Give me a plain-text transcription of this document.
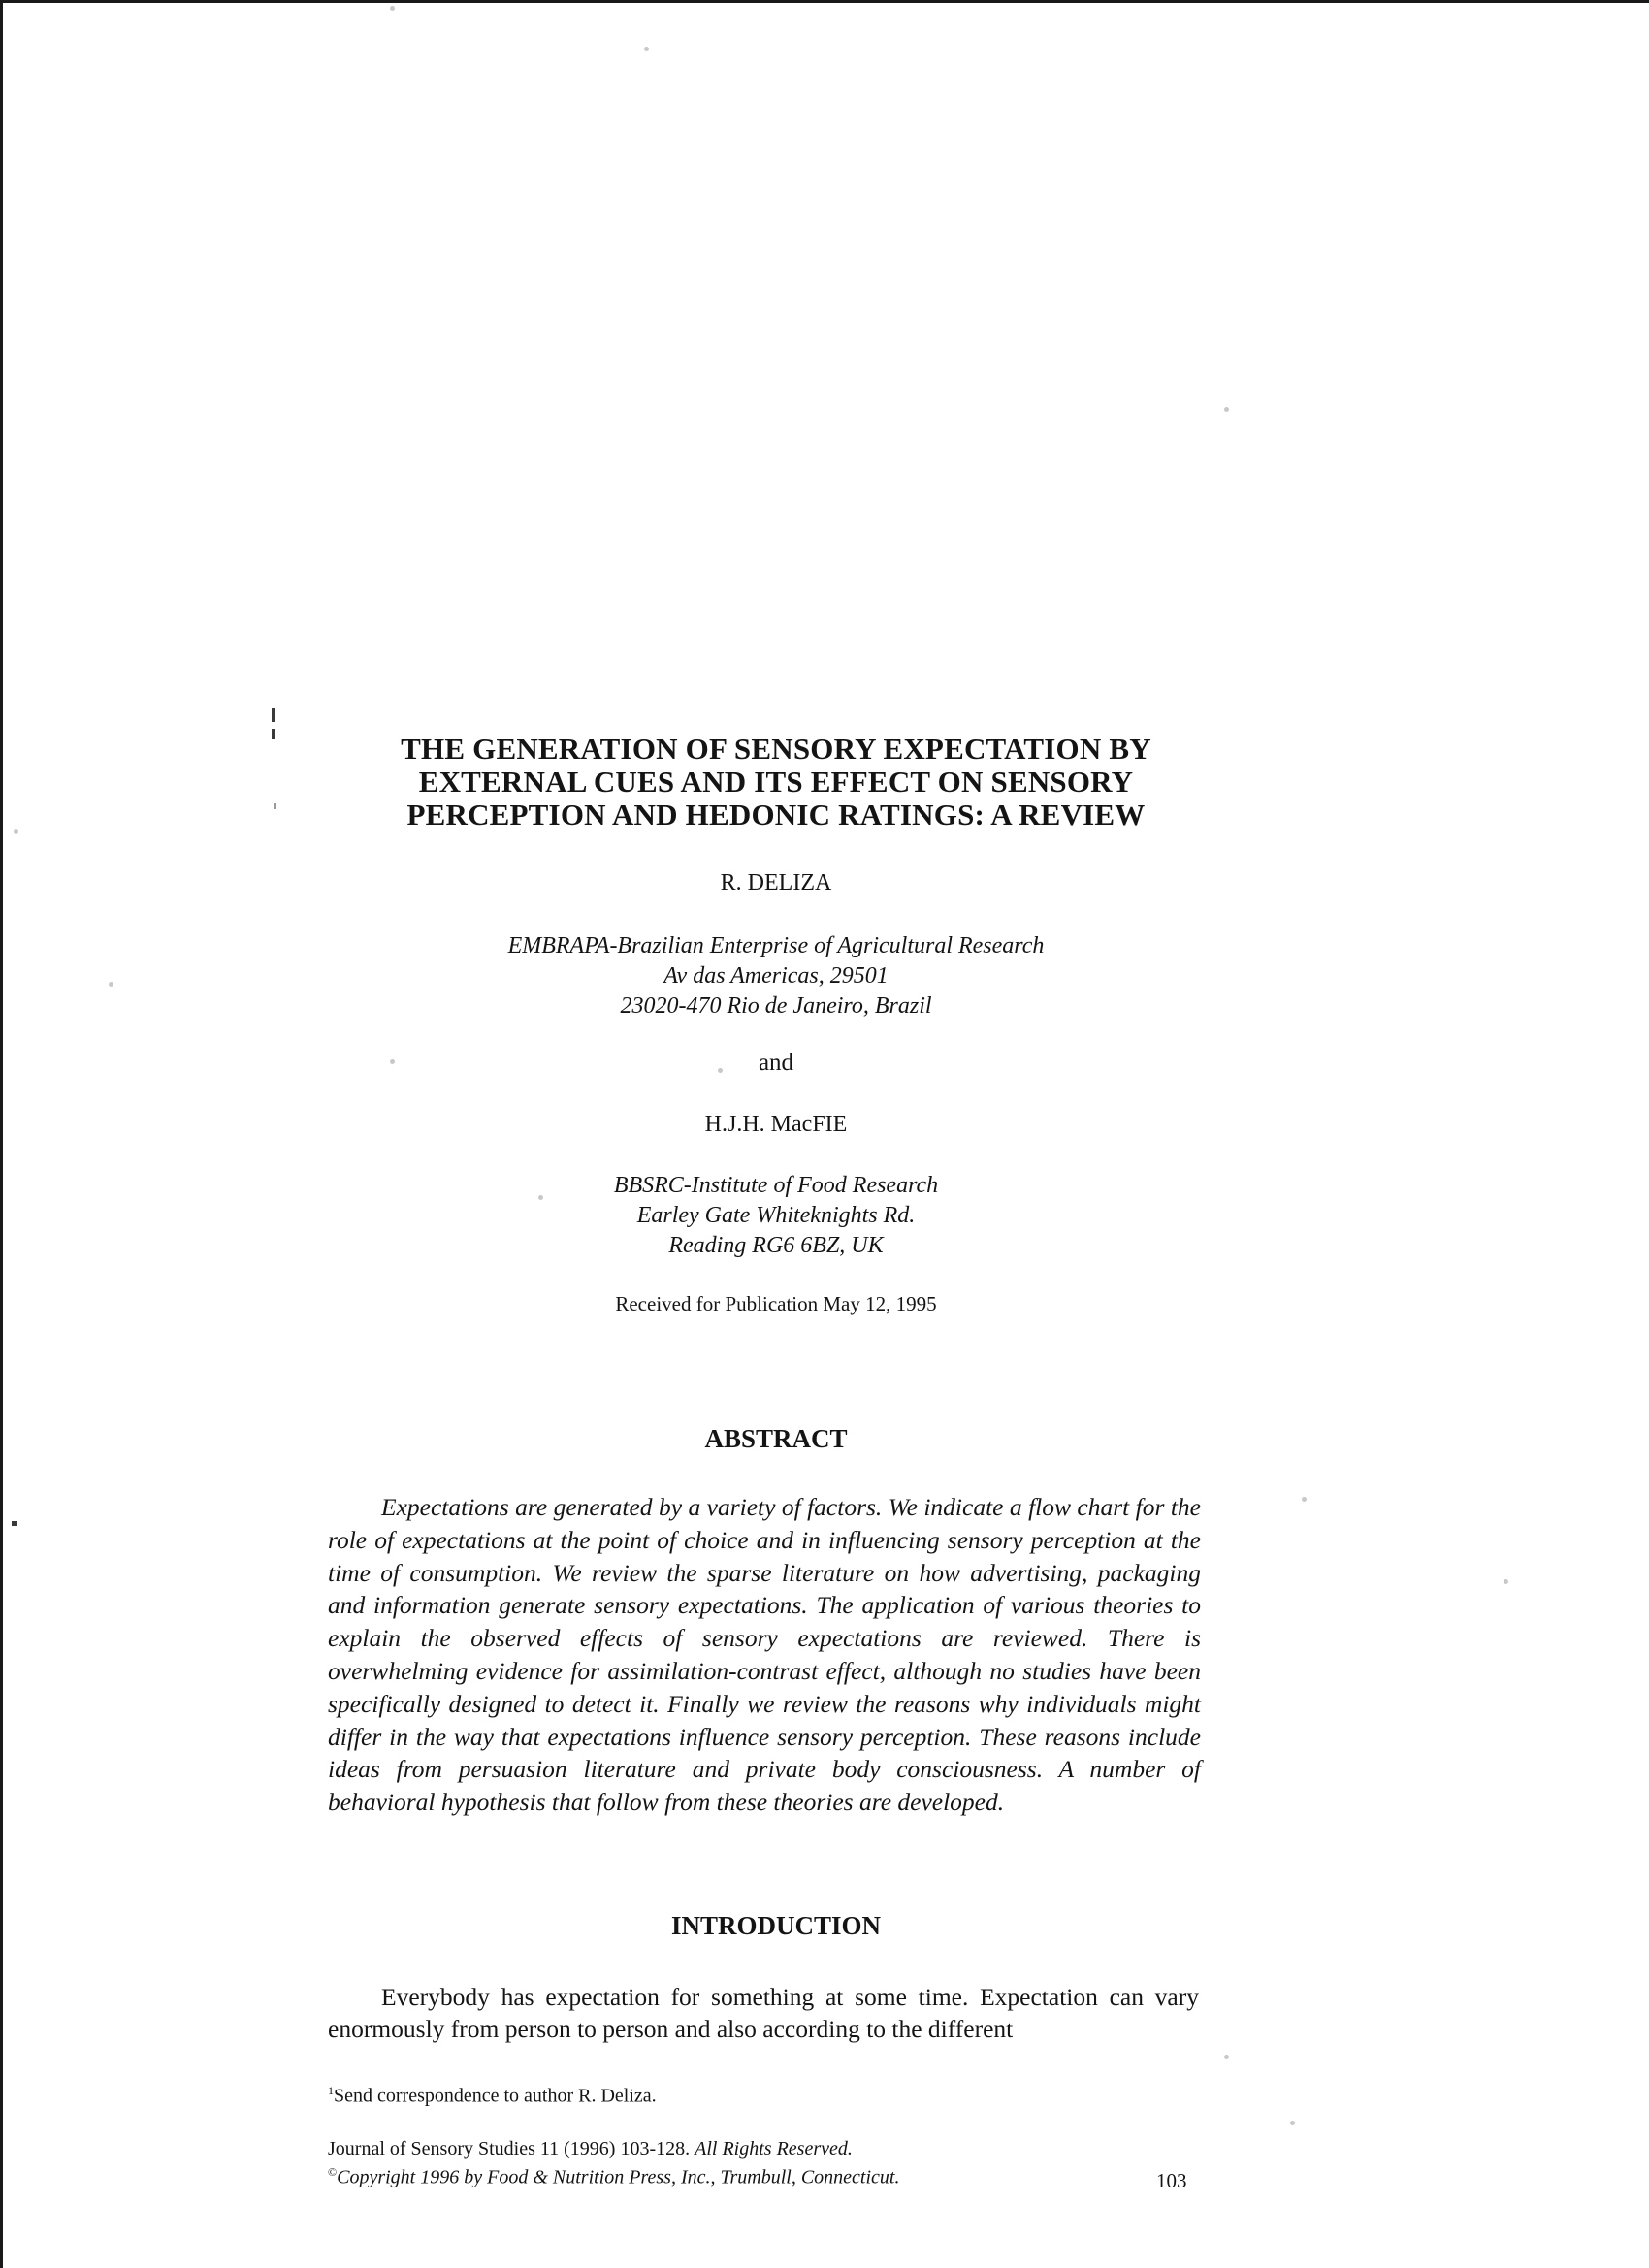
THE GENERATION OF SENSORY EXPECTATION BY
EXTERNAL CUES AND ITS EFFECT ON SENSORY
PERCEPTION AND HEDONIC RATINGS: A REVIEW

R. DELIZA

EMBRAPA-Brazilian Enterprise of Agricultural Research
Av das Americas, 29501
23020-470 Rio de Janeiro, Brazil

and

H.J.H. MacFIE

BBSRC-Institute of Food Research
Earley Gate Whiteknights Rd.
Reading RG6 6BZ, UK

Received for Publication May 12, 1995

ABSTRACT

Expectations are generated by a variety of factors. We indicate a flow chart for the role of expectations at the point of choice and in influencing sensory perception at the time of consumption. We review the sparse literature on how advertising, packaging and information generate sensory expectations. The application of various theories to explain the observed effects of sensory expectations are reviewed. There is overwhelming evidence for assimilation-contrast effect, although no studies have been specifically designed to detect it. Finally we review the reasons why individuals might differ in the way that expectations influence sensory perception. These reasons include ideas from persuasion literature and private body consciousness. A number of behavioral hypothesis that follow from these theories are developed.

INTRODUCTION

Everybody has expectation for something at some time. Expectation can vary enormously from person to person and also according to the different

$^1$Send correspondence to author R. Deliza.

Journal of Sensory Studies 11 (1996) 103-128. All Rights Reserved.

©Copyright 1996 by Food & Nutrition Press, Inc., Trumbull, Connecticut.	103
